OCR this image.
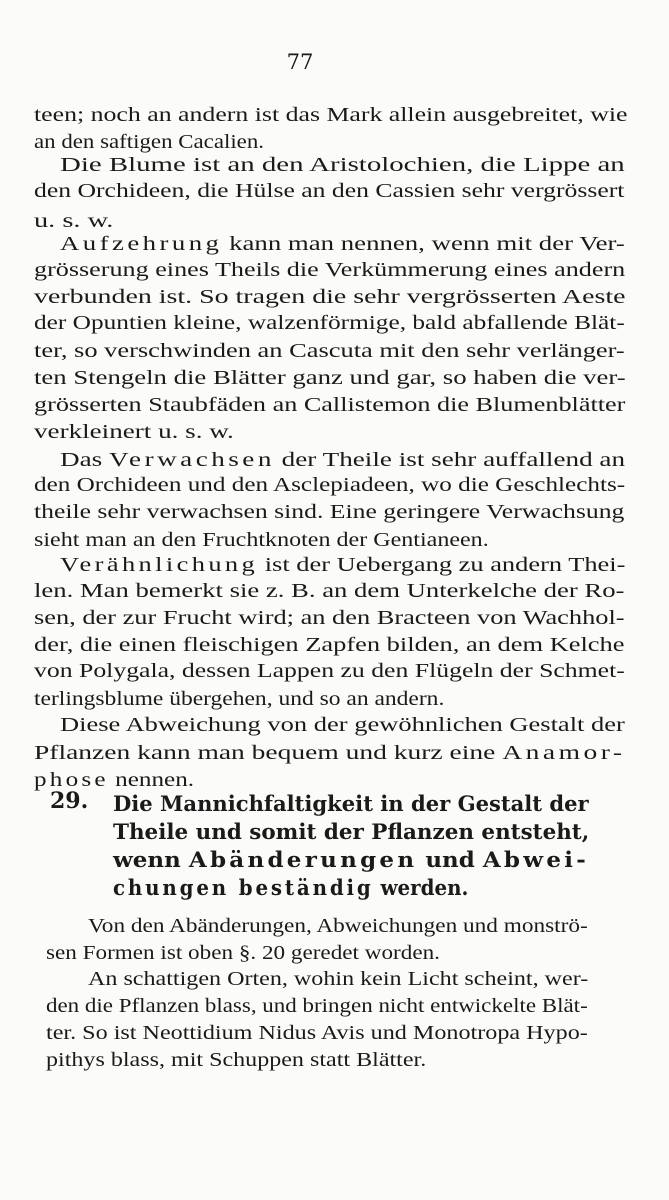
77
teen; noch an andern ist das Mark allein ausgebreitet, wie
an den saftigen Cacalien.
Die Blume ist an den Aristolochien, die Lippe an
den Orchideen, die Hülse an den Cassien sehr vergrössert
u. s. w.
Aufzehrung kann man nennen, wenn mit der Ver-
grösserung eines Theils die Verkümmerung eines andern
verbunden ist. So tragen die sehr vergrösserten Aeste
der Opuntien kleine, walzenförmige, bald abfallende Blät-
ter, so verschwinden an Cascuta mit den sehr verlänger-
ten Stengeln die Blätter ganz und gar, so haben die ver-
grösserten Staubfäden an Callistemon die Blumenblätter
verkleinert u. s. w.
Das Verwachsen der Theile ist sehr auffallend an
den Orchideen und den Asclepiadeen, wo die Geschlechts-
theile sehr verwachsen sind. Eine geringere Verwachsung
sieht man an den Fruchtknoten der Gentianeen.
Verähnlichung ist der Uebergang zu andern Thei-
len. Man bemerkt sie z. B. an dem Unterkelche der Ro-
sen, der zur Frucht wird; an den Bracteen von Wachhol-
der, die einen fleischigen Zapfen bilden, an dem Kelche
von Polygala, dessen Lappen zu den Flügeln der Schmet-
terlingsblume übergehen, und so an andern.
Diese Abweichung von der gewöhnlichen Gestalt der
Pflanzen kann man bequem und kurz eine Anamor-
phose nennen.
29. Die Mannichfaltigkeit in der Gestalt der
Theile und somit der Pflanzen entsteht,
wenn Abänderungen und Abwei-
chungen beständig werden.
Von den Abänderungen, Abweichungen und monströ-
sen Formen ist oben §. 20 geredet worden.
An schattigen Orten, wohin kein Licht scheint, wer-
den die Pflanzen blass, und bringen nicht entwickelte Blät-
ter. So ist Neottidium Nidus Avis und Monotropa Hypo-
pithys blass, mit Schuppen statt Blätter.
